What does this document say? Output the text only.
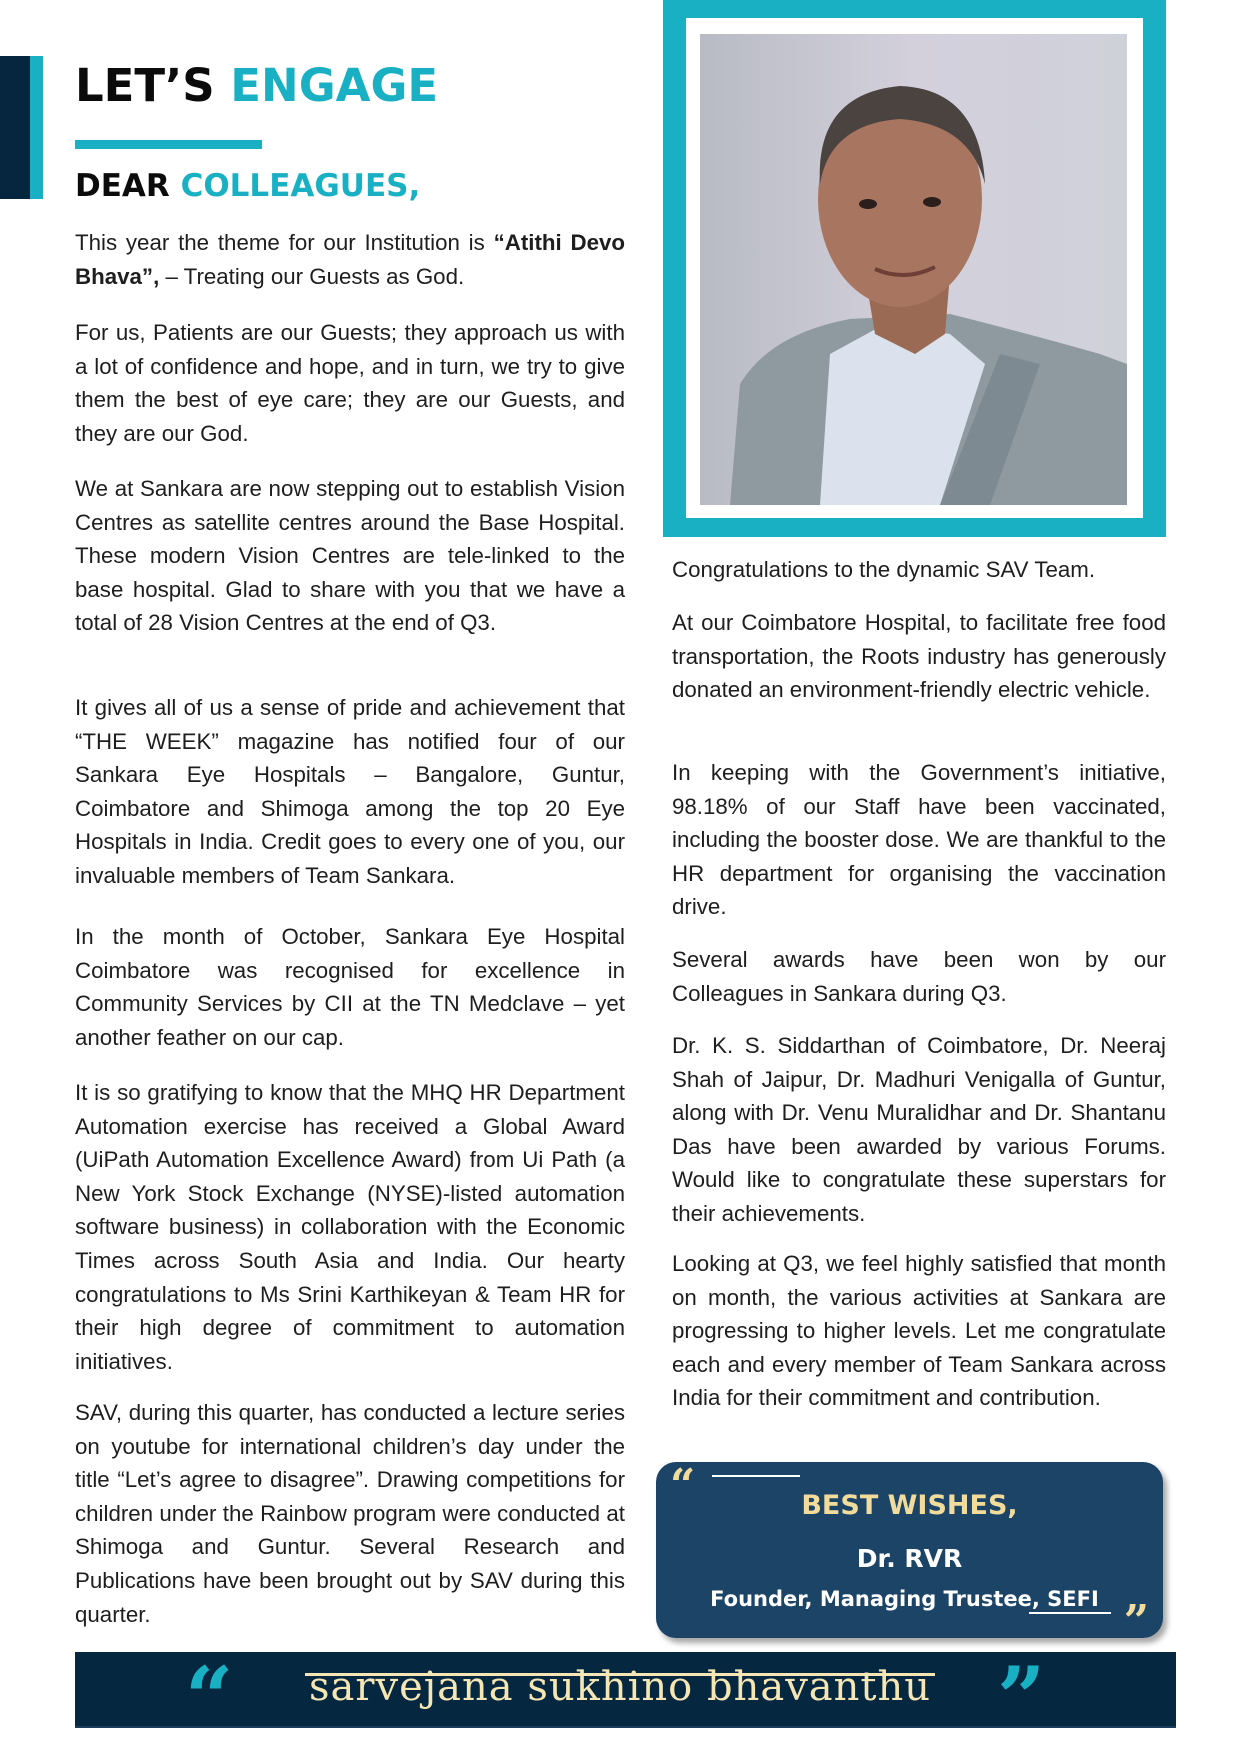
LET’S ENGAGE
DEAR COLLEAGUES,

This year the theme for our Institution is “Atithi Devo Bhava”, – Treating our Guests as God.

For us, Patients are our Guests; they approach us with a lot of confidence and hope, and in turn, we try to give them the best of eye care; they are our Guests, and they are our God.

We at Sankara are now stepping out to establish Vision Centres as satellite centres around the Base Hospital. These modern Vision Centres are tele-linked to the base hospital. Glad to share with you that we have a total of 28 Vision Centres at the end of Q3.

It gives all of us a sense of pride and achievement that “THE WEEK” magazine has notified four of our Sankara Eye Hospitals – Bangalore, Guntur, Coimbatore and Shimoga among the top 20 Eye Hospitals in India. Credit goes to every one of you, our invaluable members of Team Sankara.

In the month of October, Sankara Eye Hospital Coimbatore was recognised for excellence in Community Services by CII at the TN Medclave – yet another feather on our cap.

It is so gratifying to know that the MHQ HR Department Automation exercise has received a Global Award (UiPath Automation Excellence Award) from Ui Path (a New York Stock Exchange (NYSE)-listed automation software business) in collaboration with the Economic Times across South Asia and India. Our hearty congratulations to Ms Srini Karthikeyan & Team HR for their high degree of commitment to automation initiatives.

SAV, during this quarter, has conducted a lecture series on youtube for international children’s day under the title “Let’s agree to disagree”. Drawing competitions for children under the Rainbow program were conducted at Shimoga and Guntur. Several Research and Publications have been brought out by SAV during this quarter.

Congratulations to the dynamic SAV Team.

At our Coimbatore Hospital, to facilitate free food transportation, the Roots industry has generously donated an environment-friendly electric vehicle.

In keeping with the Government’s initiative, 98.18% of our Staff have been vaccinated, including the booster dose. We are thankful to the HR department for organising the vaccination drive.

Several awards have been won by our Colleagues in Sankara during Q3.

Dr. K. S. Siddarthan of Coimbatore, Dr. Neeraj Shah of Jaipur, Dr. Madhuri Venigalla of Guntur, along with Dr. Venu Muralidhar and Dr. Shantanu Das have been awarded by various Forums. Would like to congratulate these superstars for their achievements.

Looking at Q3, we feel highly satisfied that month on month, the various activities at Sankara are progressing to higher levels. Let me congratulate each and every member of Team Sankara across India for their commitment and contribution.

“	BEST WISHES,
Dr. RVR
Founder, Managing Trustee, SEFI ”
“ sarvejana sukhino bhavanthu ”
